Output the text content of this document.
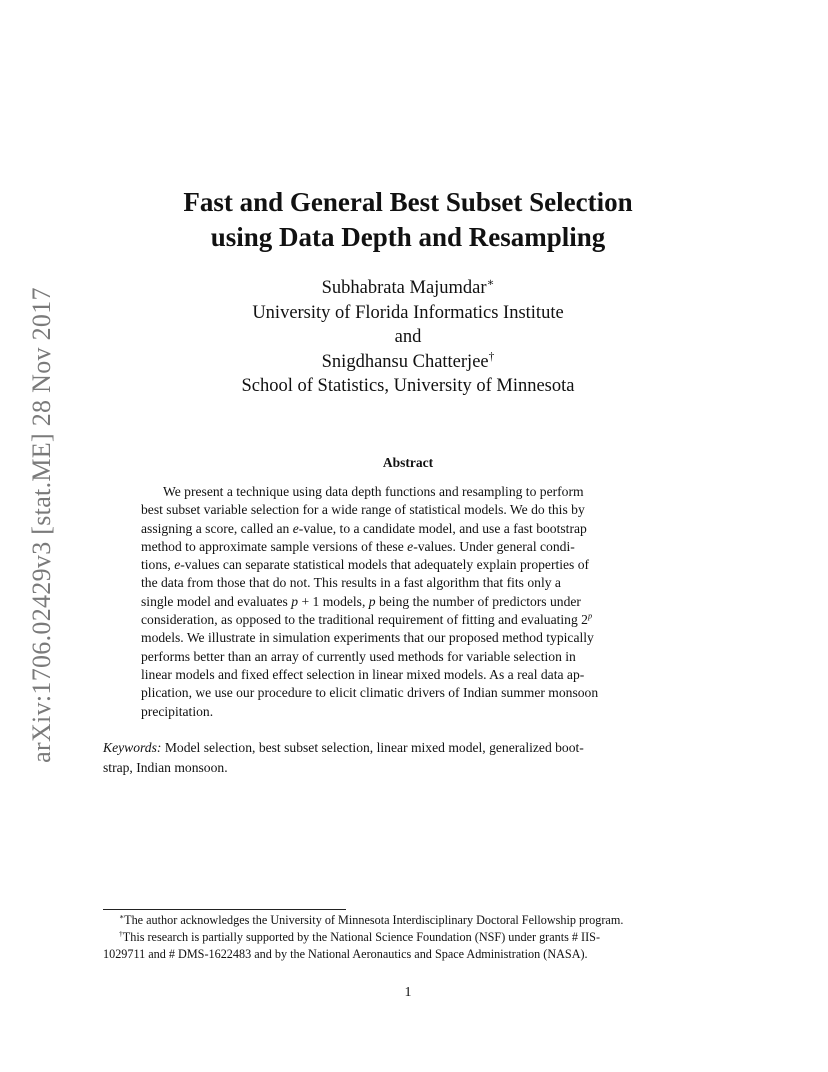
arXiv:1706.02429v3 [stat.ME] 28 Nov 2017
Fast and General Best Subset Selection
using Data Depth and Resampling
Subhabrata Majumdar∗
University of Florida Informatics Institute
and
Snigdhansu Chatterjee†
School of Statistics, University of Minnesota
Abstract
We present a technique using data depth functions and resampling to perform
best subset variable selection for a wide range of statistical models. We do this by
assigning a score, called an e-value, to a candidate model, and use a fast bootstrap
method to approximate sample versions of these e-values. Under general condi-
tions, e-values can separate statistical models that adequately explain properties of
the data from those that do not. This results in a fast algorithm that fits only a
single model and evaluates p + 1 models, p being the number of predictors under
consideration, as opposed to the traditional requirement of fitting and evaluating 2$^p$
models. We illustrate in simulation experiments that our proposed method typically
performs better than an array of currently used methods for variable selection in
linear models and fixed effect selection in linear mixed models. As a real data ap-
plication, we use our procedure to elicit climatic drivers of Indian summer monsoon
precipitation.
Keywords: Model selection, best subset selection, linear mixed model, generalized boot-
strap, Indian monsoon.
∗The author acknowledges the University of Minnesota Interdisciplinary Doctoral Fellowship program.
†This research is partially supported by the National Science Foundation (NSF) under grants # IIS-
1029711 and # DMS-1622483 and by the National Aeronautics and Space Administration (NASA).
1
